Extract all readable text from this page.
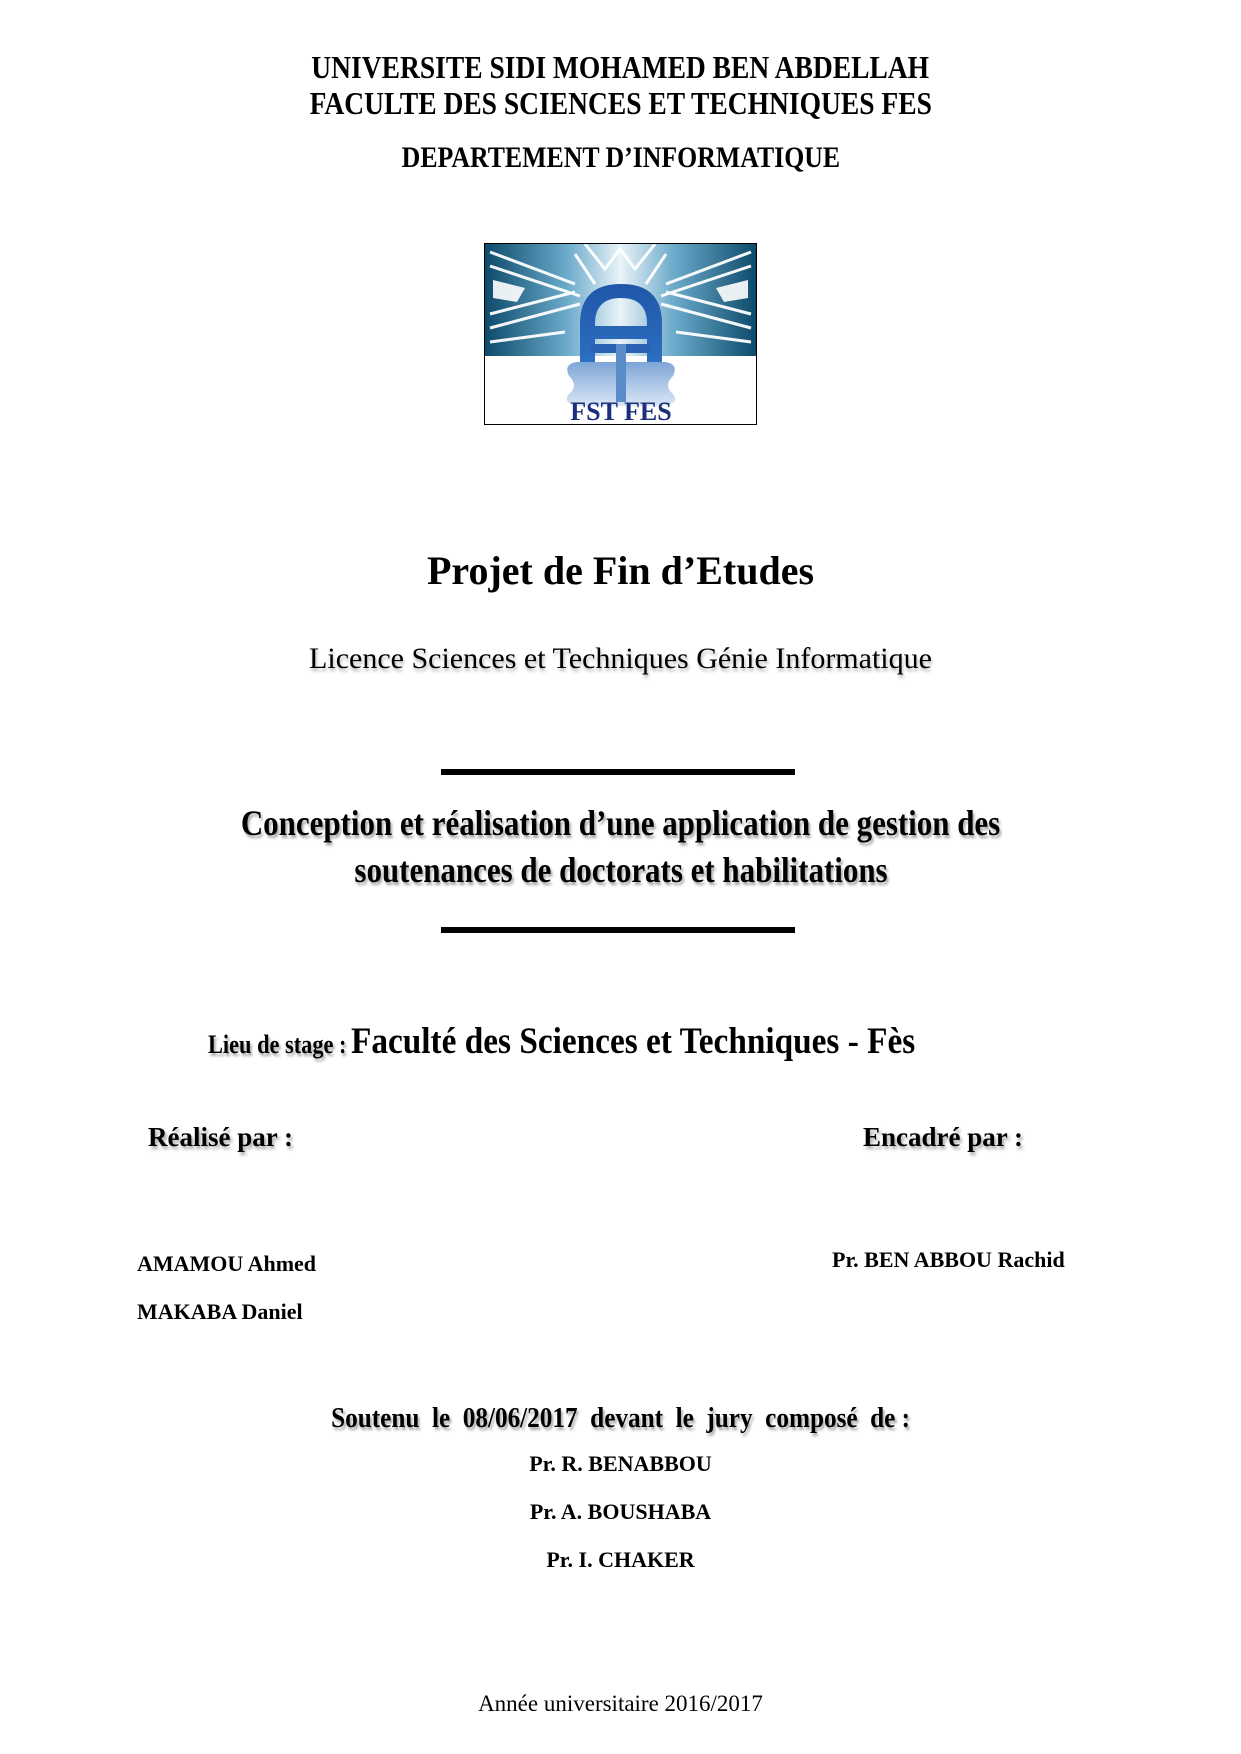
UNIVERSITE SIDI MOHAMED BEN ABDELLAH
FACULTE DES SCIENCES ET TECHNIQUES FES
DEPARTEMENT D’INFORMATIQUE
FST FES
Projet de Fin d’Etudes
Licence Sciences et Techniques Génie Informatique
Conception et réalisation d’une application de gestion des
soutenances de doctorats et habilitations
Lieu de stage : Faculté des Sciences et Techniques - Fès
Réalisé par :	Encadré par :
AMAMOU Ahmed
MAKABA Daniel
Pr. BEN ABBOU Rachid
Soutenu  le  08/06/2017  devant  le  jury  composé  de :
Pr. R. BENABBOU
Pr. A. BOUSHABA
Pr. I. CHAKER
Année universitaire 2016/2017
